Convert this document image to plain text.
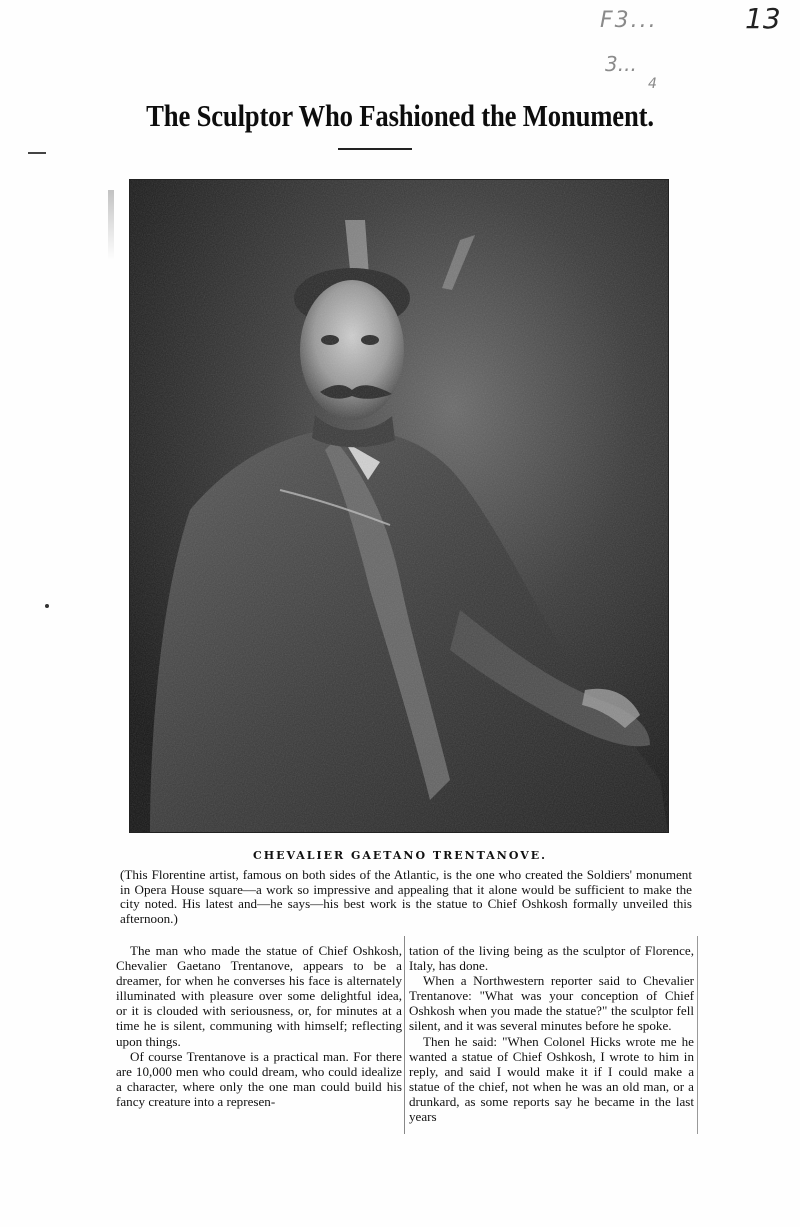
13
F3...
3...
4
The Sculptor Who Fashioned the Monument.
CHEVALIER GAETANO TRENTANOVE.

(This Florentine artist, famous on both sides of the Atlantic, is the one who created the Soldiers' monument in Opera House square—a work so impressive and appealing that it alone would be sufficient to make the city noted. His latest and—he says—his best work is the statue to Chief Oshkosh formally unveiled this afternoon.)

The man who made the statue of Chief Oshkosh, Chevalier Gaetano Trentanove, appears to be a dreamer, for when he converses his face is alternately illuminated with pleasure over some delightful idea, or it is clouded with seriousness, or, for minutes at a time he is silent, communing with himself; reflecting upon things.

Of course Trentanove is a practical man. For there are 10,000 men who could dream, who could idealize a character, where only the one man could build his fancy creature into a represen-

tation of the living being as the sculptor of Florence, Italy, has done.

When a Northwestern reporter said to Chevalier Trentanove: "What was your conception of Chief Oshkosh when you made the statue?" the sculptor fell silent, and it was several minutes before he spoke.

Then he said: "When Colonel Hicks wrote me he wanted a statue of Chief Oshkosh, I wrote to him in reply, and said I would make it if I could make a statue of the chief, not when he was an old man, or a drunkard, as some reports say he became in the last years
